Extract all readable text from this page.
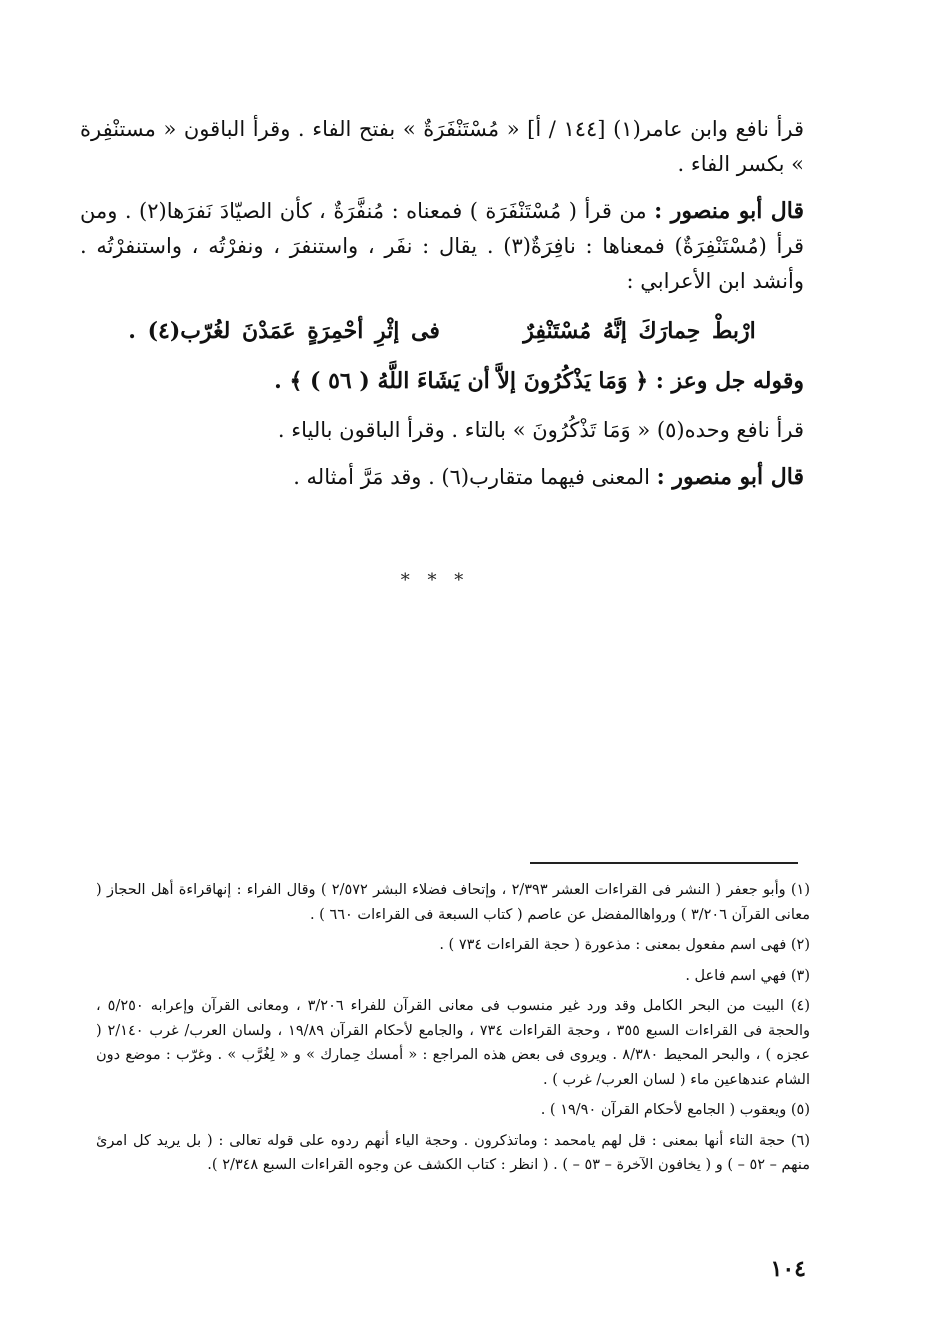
قرأ نافع وابن عامر(١) [١٤٤ / أ] « مُسْتَنْفَرَةٌ » بفتح الفاء . وقرأ الباقون « مستنْفِرة » بكسر الفاء .

قال أبو منصور : من قرأ ( مُسْتَنْفَرَة ) فمعناه : مُنفَّرَةٌ ، كأن الصيّادَ نَفرَها(٢) . ومن قرأ (مُسْتَنْفِرَةٌ) فمعناها : نافِرَةٌ(٣) . يقال : نفَر ، واستنفرَ ، ونفرْتُه ، واستنفرْتُه . وأنشد ابن الأعرابي :

ارْبطْ حِمارَكَ إنَّهُ مُسْتَنْفِرٌ  فى إثْرِ أحْمِرَةٍ عَمَدْنَ لغُرّب(٤) .

وقوله جل وعز : ﴿ وَمَا يَذْكُرُونَ إلاَّ أن يَشَاءَ اللَّهُ ( ٥٦ ) ﴾ .

قرأ نافع وحده(٥) « وَمَا تَذْكُرُونَ » بالتاء . وقرأ الباقون بالياء .

قال أبو منصور : المعنى فيهما متقارب(٦) . وقد مَرَّ أمثاله .

* * *

(١) وأبو جعفر ( النشر فى القراءات العشر ٢/٣٩٣ ، وإتحاف فضلاء البشر ٢/٥٧٢ ) وقال الفراء : إنهاقراءة أهل الحجاز ( معانى القرآن ٣/٢٠٦ ) ورواهاالمفضل عن عاصم ( كتاب السبعة فى القراءات ٦٦٠ ) .

(٢) فهى اسم مفعول بمعنى : مذعورة ( حجة القراءات ٧٣٤ ) .

(٣) فهي اسم فاعل .

(٤) البيت من البحر الكامل وقد ورد غير منسوب فى معانى القرآن للفراء ٣/٢٠٦ ، ومعانى القرآن وإعرابه ٥/٢٥٠ ، والحجة فى القراءات السبع ٣٥٥ ، وحجة القراءات ٧٣٤ ، والجامع لأحكام القرآن ١٩/٨٩ ، ولسان العرب/ غرب ٢/١٤٠ ( عجزه ) ، والبحر المحيط ٨/٣٨٠ . ويروى فى بعض هذه المراجع : « أمسك حِمارك » و « لِغُرَّب » . وغرّب : موضع دون الشام عندهاعين ماء ( لسان العرب/ غرب ) .

(٥) ويعقوب ( الجامع لأحكام القرآن ١٩/٩٠ ) .

(٦) حجة التاء أنها بمعنى : قل لهم يامحمد : وماتذكرون . وحجة الياء أنهم ردوه على قوله تعالى : ( بل يريد كل امرئ منهم – ٥٢ – ) و ( يخافون الآخرة – ٥٣ – ) . ( انظر : كتاب الكشف عن وجوه القراءات السبع ٢/٣٤٨ ).

١٠٤
